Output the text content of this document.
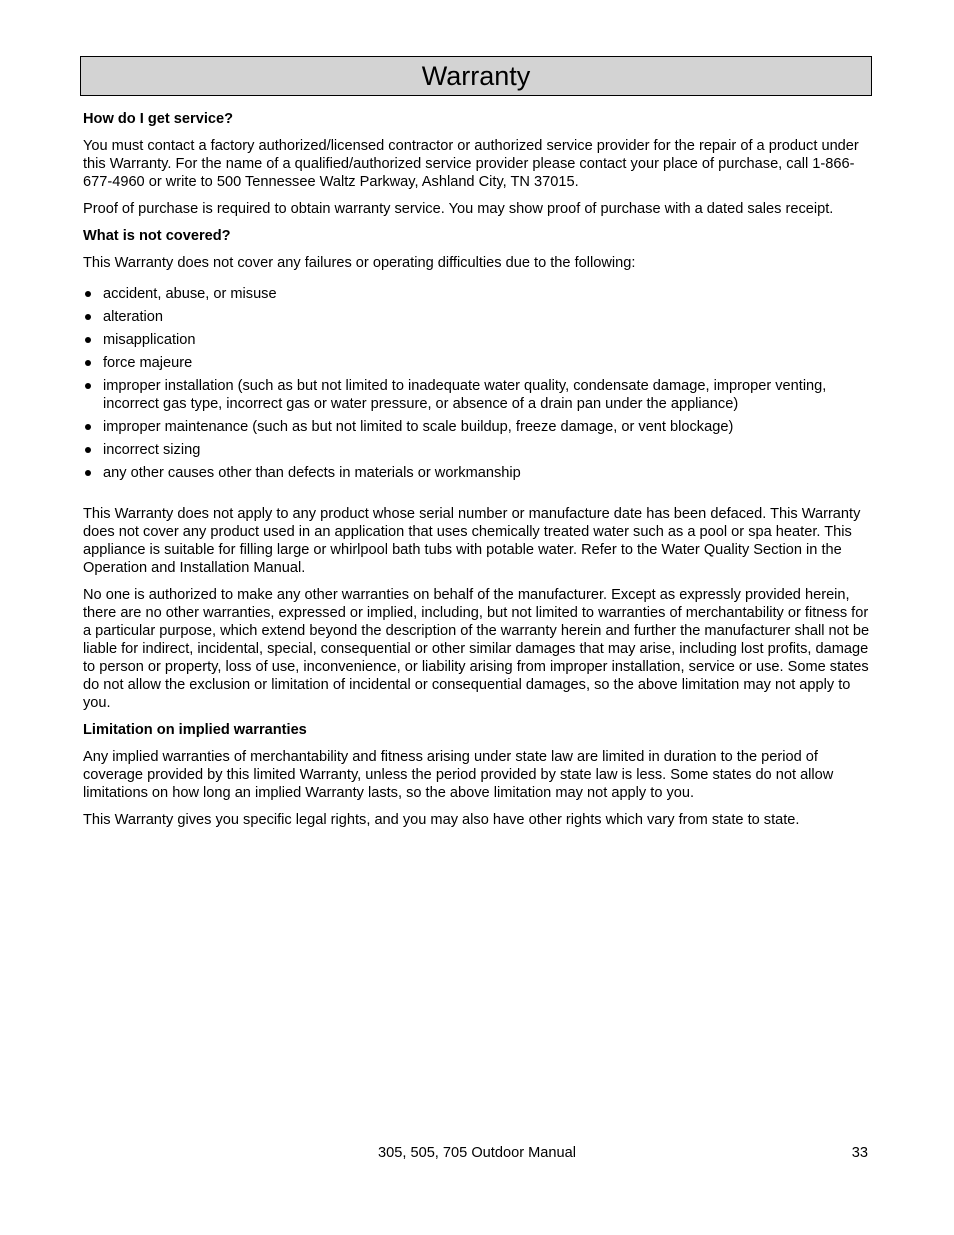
Warranty
How do I get service?

You must contact a factory authorized/licensed contractor or authorized service provider for the repair of a product under this Warranty. For the name of a qualified/authorized service provider please contact your place of purchase, call 1-866-677-4960 or write to 500 Tennessee Waltz Parkway, Ashland City, TN 37015.

Proof of purchase is required to obtain warranty service. You may show proof of purchase with a dated sales receipt.

What is not covered?

This Warranty does not cover any failures or operating difficulties due to the following:

accident, abuse, or misuse
alteration
misapplication
force majeure
improper installation (such as but not limited to inadequate water quality, condensate damage, improper venting, incorrect gas type, incorrect gas or water pressure, or absence of a drain pan under the appliance)
improper maintenance (such as but not limited to scale buildup, freeze damage, or vent blockage)
incorrect sizing
any other causes other than defects in materials or workmanship

This Warranty does not apply to any product whose serial number or manufacture date has been defaced. This Warranty does not cover any product used in an application that uses chemically treated water such as a pool or spa heater. This appliance is suitable for filling large or whirlpool bath tubs with potable water. Refer to the Water Quality Section in the Operation and Installation Manual.

No one is authorized to make any other warranties on behalf of the manufacturer. Except as expressly provided herein, there are no other warranties, expressed or implied, including, but not limited to warranties of merchantability or fitness for a particular purpose, which extend beyond the description of the warranty herein and further the manufacturer shall not be liable for indirect, incidental, special, consequential or other similar damages that may arise, including lost profits, damage to person or property, loss of use, inconvenience, or liability arising from improper installation, service or use. Some states do not allow the exclusion or limitation of incidental or consequential damages, so the above limitation may not apply to you.

Limitation on implied warranties

Any implied warranties of merchantability and fitness arising under state law are limited in duration to the period of coverage provided by this limited Warranty, unless the period provided by state law is less. Some states do not allow limitations on how long an implied Warranty lasts, so the above limitation may not apply to you.

This Warranty gives you specific legal rights, and you may also have other rights which vary from state to state.

305, 505, 705 Outdoor Manual	33
